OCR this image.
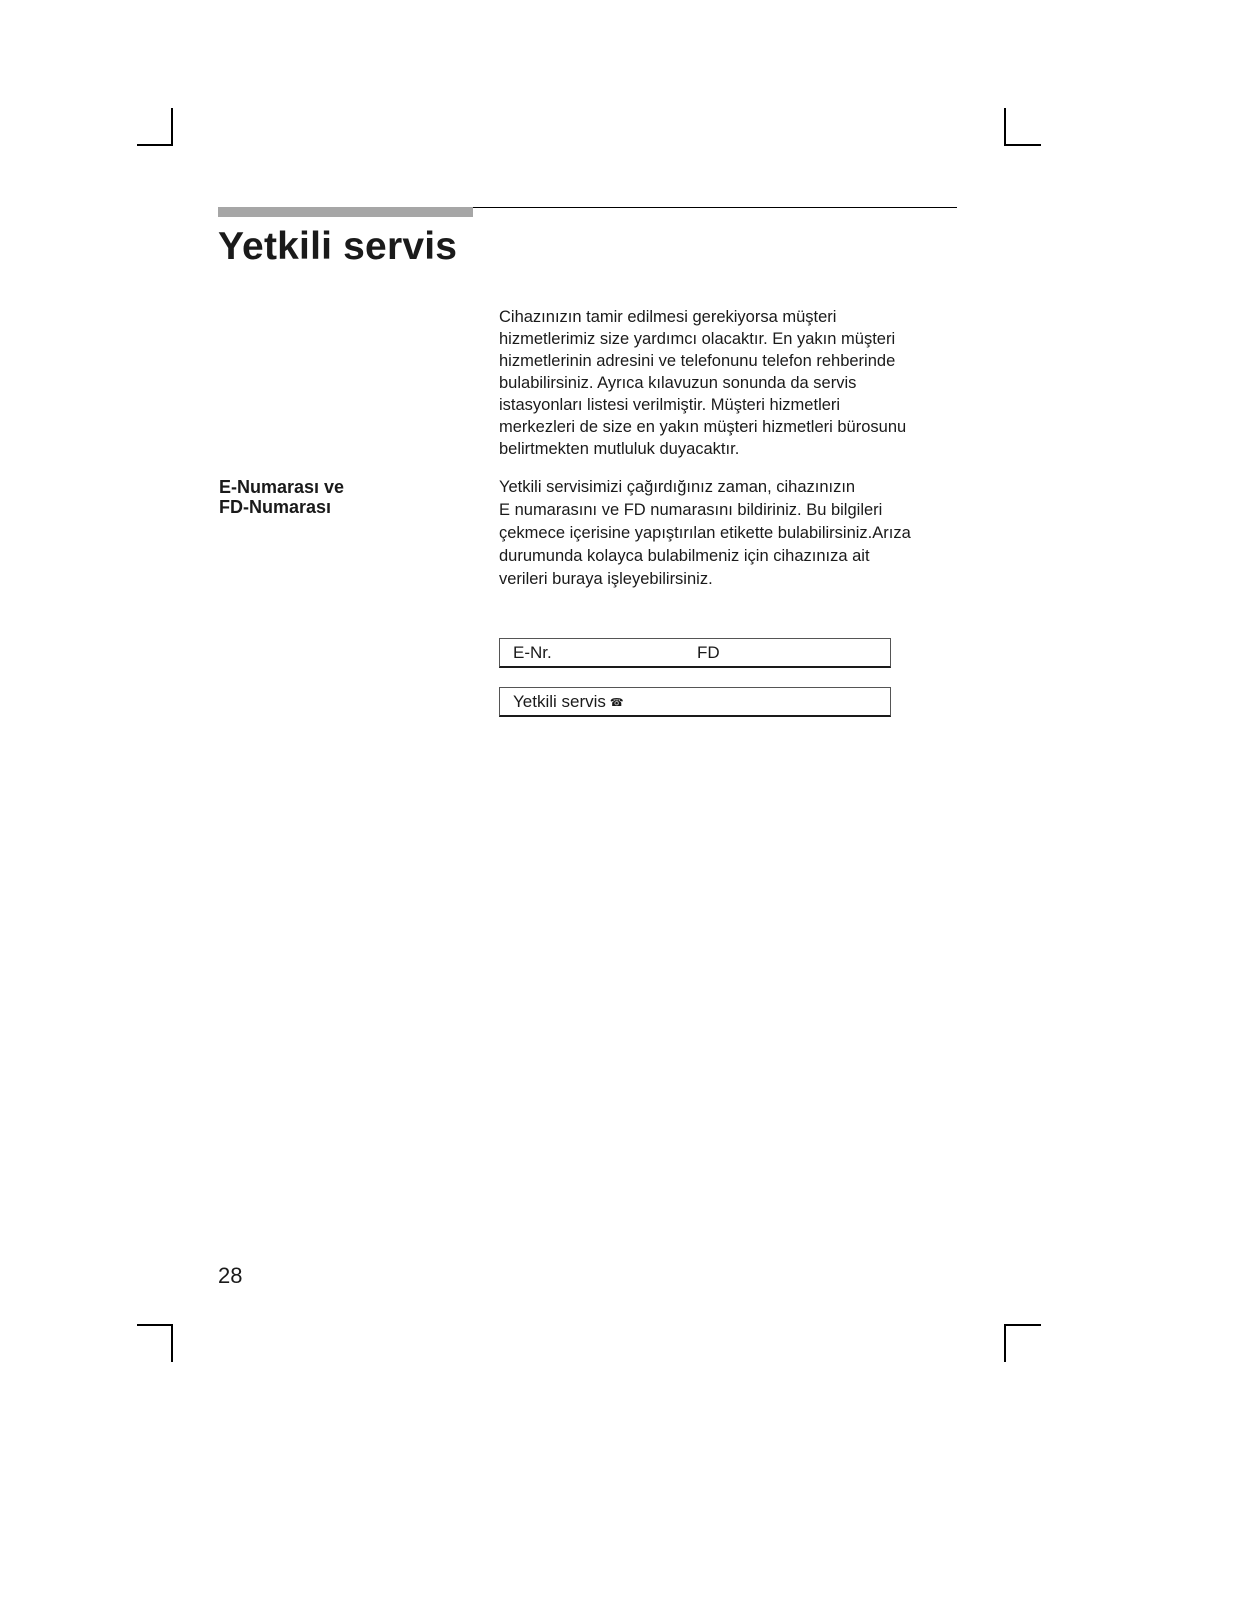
Yetkili servis
Cihazınızın tamir edilmesi gerekiyorsa müşteri
hizmetlerimiz size yardımcı olacaktır. En yakın müşteri
hizmetlerinin adresini ve telefonunu telefon rehberinde
bulabilirsiniz. Ayrıca kılavuzun sonunda da servis
istasyonları listesi verilmiştir. Müşteri hizmetleri
merkezleri de size en yakın müşteri hizmetleri bürosunu
belirtmekten mutluluk duyacaktır.
E-Numarası ve
FD-Numarası
Yetkili servisimizi çağırdığınız zaman, cihazınızın
E numarasını ve FD numarasını bildiriniz. Bu bilgileri
çekmece içerisine yapıştırılan etikette bulabilirsiniz.Arıza
durumunda kolayca bulabilmeniz için cihazınıza ait
verileri buraya işleyebilirsiniz.
E-Nr.	FD
Yetkili servis ☎
28
